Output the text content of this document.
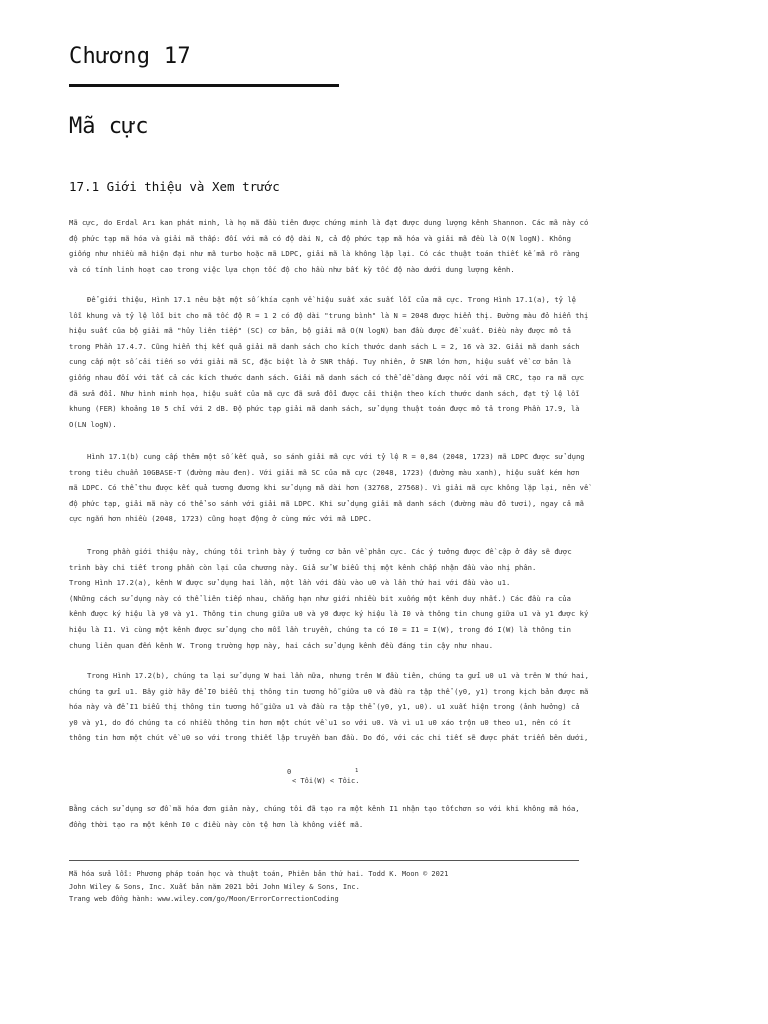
Chương 17
Mã cực
17.1 Giới thiệu và Xem trước

Mã cực, do Erdal Arı kan phát minh, là họ mã đầu tiên được chứng minh là đạt được dung lượng kênh Shannon. Các mã này có độ phức tạp mã hóa và giải mã thấp: đối với mã có độ dài N, cả độ phức tạp mã hóa và giải mã đều là O(N logN). Không giống như nhiều mã hiện đại như mã turbo hoặc mã LDPC, giải mã là không lặp lại. Có các thuật toán thiết kế mã rõ ràng và có tính linh hoạt cao trong việc lựa chọn tốc độ cho hầu như bất kỳ tốc độ nào dưới dung lượng kênh.

Để giới thiệu, Hình 17.1 nêu bật một số khía cạnh về hiệu suất xác suất lỗi của mã cực. Trong Hình 17.1(a), tỷ lệ lỗi khung và tỷ lệ lỗi bit cho mã tốc độ R = 1 2 có độ dài "trung bình" là N = 2048 được hiển thị. Đường màu đỏ hiển thị hiệu suất của bộ giải mã "hủy liên tiếp" (SC) cơ bản, bộ giải mã O(N logN) ban đầu được đề xuất. Điều này được mô tả trong Phần 17.4.7. Cũng hiển thị kết quả giải mã danh sách cho kích thước danh sách L = 2, 16 và 32. Giải mã danh sách cung cấp một số cải tiến so với giải mã SC, đặc biệt là ở SNR thấp. Tuy nhiên, ở SNR lớn hơn, hiệu suất về cơ bản là giống nhau đối với tất cả các kích thước danh sách. Giải mã danh sách có thể dễ dàng được nối với mã CRC, tạo ra mã cực đã sửa đổi. Như hình minh họa, hiệu suất của mã cực đã sửa đổi được cải thiện theo kích thước danh sách, đạt tỷ lệ lỗi khung (FER) khoảng 10 5 chỉ với 2 dB. Độ phức tạp giải mã danh sách, sử dụng thuật toán được mô tả trong Phần 17.9, là O(LN logN).

Hình 17.1(b) cung cấp thêm một số kết quả, so sánh giải mã cực với tỷ lệ R = 0,84 (2048, 1723) mã LDPC được sử dụng trong tiêu chuẩn 10GBASE-T (đường màu đen). Với giải mã SC của mã cực (2048, 1723) (đường màu xanh), hiệu suất kém hơn mã LDPC. Có thể thu được kết quả tương đương khi sử dụng mã dài hơn (32768, 27568). Vì giải mã cực không lặp lại, nên về độ phức tạp, giải mã này có thể so sánh với giải mã LDPC. Khi sử dụng giải mã danh sách (đường màu đỏ tươi), ngay cả mã cực ngắn hơn nhiều (2048, 1723) cũng hoạt động ở cùng mức với mã LDPC.

Trong phần giới thiệu này, chúng tôi trình bày ý tưởng cơ bản về phân cực. Các ý tưởng được đề cập ở đây sẽ được trình bày chi tiết trong phần còn lại của chương này. Giả sử W biểu thị một kênh chấp nhận đầu vào nhị phân.
Trong Hình 17.2(a), kênh W được sử dụng hai lần, một lần với đầu vào u0 và lần thứ hai với đầu vào u1.
(Những cách sử dụng này có thể liên tiếp nhau, chẳng hạn như giới nhiều bit xuống một kênh duy nhất.) Các đầu ra của kênh được ký hiệu là y0 và y1. Thông tin chung giữa u0 và y0 được ký hiệu là I0 và thông tin chung giữa u1 và y1 được ký hiệu là I1. Vì cùng một kênh được sử dụng cho mỗi lần truyền, chúng ta có I0 = I1 = I(W), trong đó I(W) là thông tin chung liên quan đến kênh W. Trong trường hợp này, hai cách sử dụng kênh đều đáng tin cậy như nhau.

Trong Hình 17.2(b), chúng ta lại sử dụng W hai lần nữa, nhưng trên W đầu tiên, chúng ta gửi u0 u1 và trên W thứ hai, chúng ta gửi u1. Bây giờ hãy để I0 biểu thị thông tin tương hỗ giữa u0 và đầu ra tập thể (y0, y1) trong kịch bản được mã hóa này và để I1 biểu thị thông tin tương hỗ giữa u1 và đầu ra tập thể (y0, y1, u0). u1 xuất hiện trong (ảnh hưởng) cả y0 và y1, do đó chúng ta có nhiều thông tin hơn một chút về u1 so với u0. Và vì u1 u0 xáo trộn u0 theo u1, nên có ít thông tin hơn một chút về u0 so với trong thiết lập truyền ban đầu. Do đó, với các chi tiết sẽ được phát triển bên dưới,

0	1
< Tôi(W) < Tôic.

Bằng cách sử dụng sơ đồ mã hóa đơn giản này, chúng tôi đã tạo ra một kênh I1 nhận tạo tốtchơn so với khi không mã hóa, đồng thời tạo ra một kênh I0 c điều này còn tệ hơn là không viết mã.

Mã hóa sửa lỗi: Phương pháp toán học và thuật toán, Phiên bản thứ hai. Todd K. Moon © 2021
John Wiley & Sons, Inc. Xuất bản năm 2021 bởi John Wiley & Sons, Inc.
Trang web đồng hành: www.wiley.com/go/Moon/ErrorCorrectionCoding
